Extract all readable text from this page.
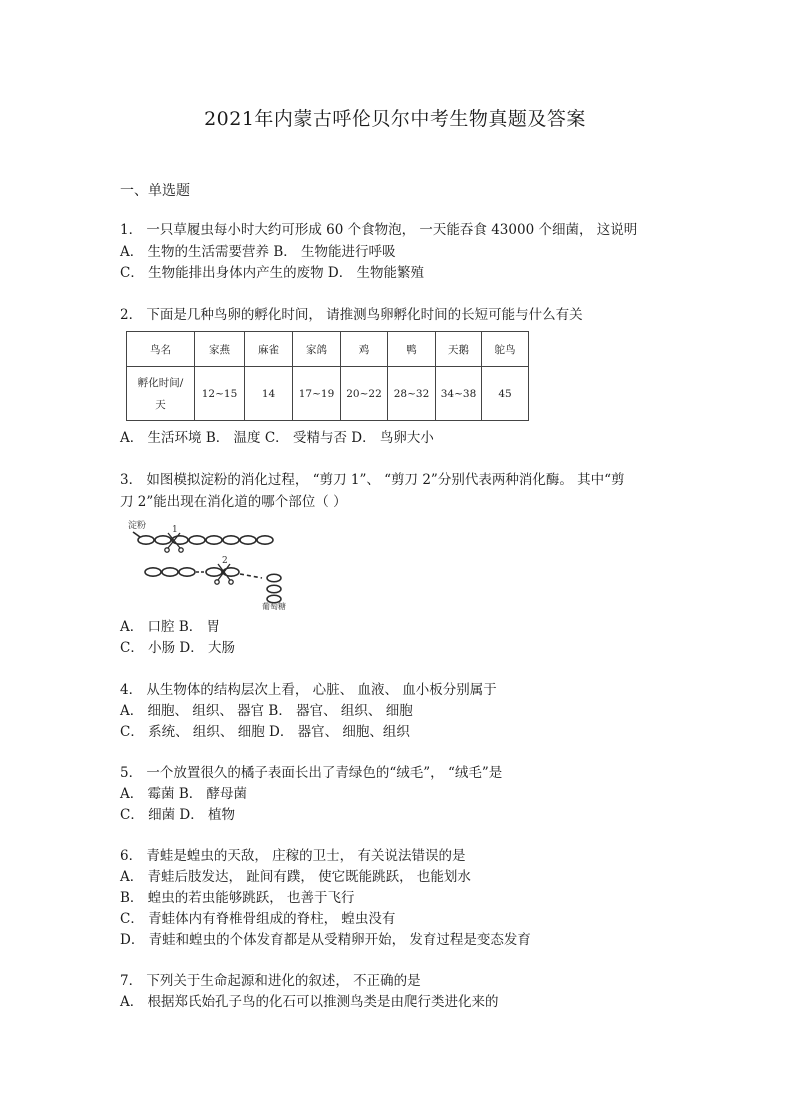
2021年内蒙古呼伦贝尔中考生物真题及答案
一、单选题
1． 一只草履虫每小时大约可形成 60 个食物泡， 一天能吞食 43000 个细菌， 这说明
A． 生物的生活需要营养 B． 生物能进行呼吸
C． 生物能排出身体内产生的废物 D． 生物能繁殖
2． 下面是几种鸟卵的孵化时间， 请推测鸟卵孵化时间的长短可能与什么有关
鸟名	家燕	麻雀	家鸽	鸡	鸭	天鹅	鸵鸟

孵化时间/
天	12~15	14	17~19	20~22	28~32	34~38	45
A． 生活环境 B． 温度 C． 受精与否 D． 鸟卵大小
3． 如图模拟淀粉的消化过程， “剪刀 1”、 “剪刀 2”分别代表两种消化酶。 其中“剪
刀 2”能出现在消化道的哪个部位（ ）
淀粉	1
2
葡萄糖
A． 口腔 B． 胃
C． 小肠 D． 大肠
4． 从生物体的结构层次上看， 心脏、 血液、 血小板分别属于
A． 细胞、 组织、 器官 B． 器官、 组织、 细胞
C． 系统、 组织、 细胞 D． 器官、 细胞、组织
5． 一个放置很久的橘子表面长出了青绿色的“绒毛”， “绒毛”是
A． 霉菌 B． 酵母菌
C． 细菌 D． 植物
6． 青蛙是蝗虫的天敌， 庄稼的卫士， 有关说法错误的是
A． 青蛙后肢发达， 趾间有蹼， 使它既能跳跃， 也能划水
B． 蝗虫的若虫能够跳跃， 也善于飞行
C． 青蛙体内有脊椎骨组成的脊柱， 蝗虫没有
D． 青蛙和蝗虫的个体发育都是从受精卵开始， 发育过程是变态发育
7． 下列关于生命起源和进化的叙述， 不正确的是
A． 根据郑氏始孔子鸟的化石可以推测鸟类是由爬行类进化来的
